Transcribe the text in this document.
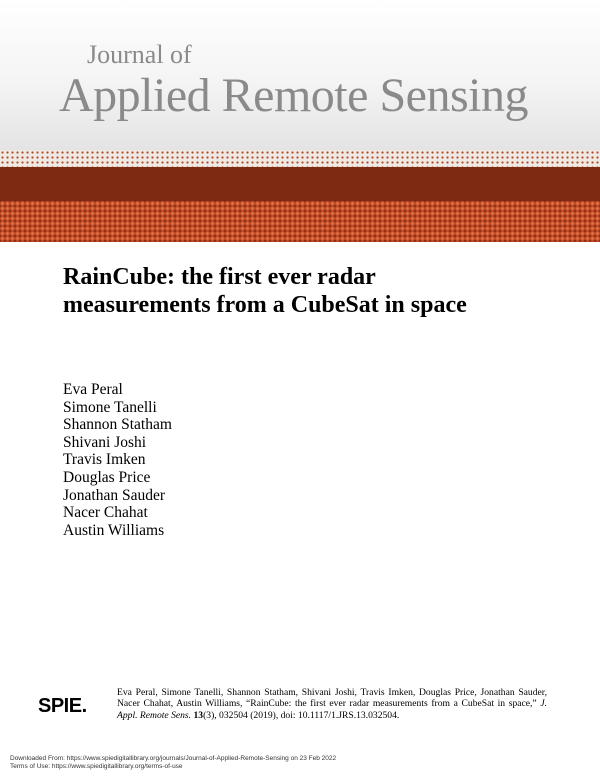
Journal of
Applied Remote Sensing
RemoteSensing.SPIEDigitalLibrary.org
RainCube: the first ever radar measurements from a CubeSat in space
Eva Peral
Simone Tanelli
Shannon Statham
Shivani Joshi
Travis Imken
Douglas Price
Jonathan Sauder
Nacer Chahat
Austin Williams
SPIE.

Eva Peral, Simone Tanelli, Shannon Statham, Shivani Joshi, Travis Imken, Douglas Price, Jonathan Sauder, Nacer Chahat, Austin Williams, “RainCube: the first ever radar measurements from a CubeSat in space,” J. Appl. Remote Sens. 13(3), 032504 (2019), doi: 10.1117/1.JRS.13.032504.

Downloaded From: https://www.spiedigitallibrary.org/journals/Journal-of-Applied-Remote-Sensing on 23 Feb 2022
Terms of Use: https://www.spiedigitallibrary.org/terms-of-use
